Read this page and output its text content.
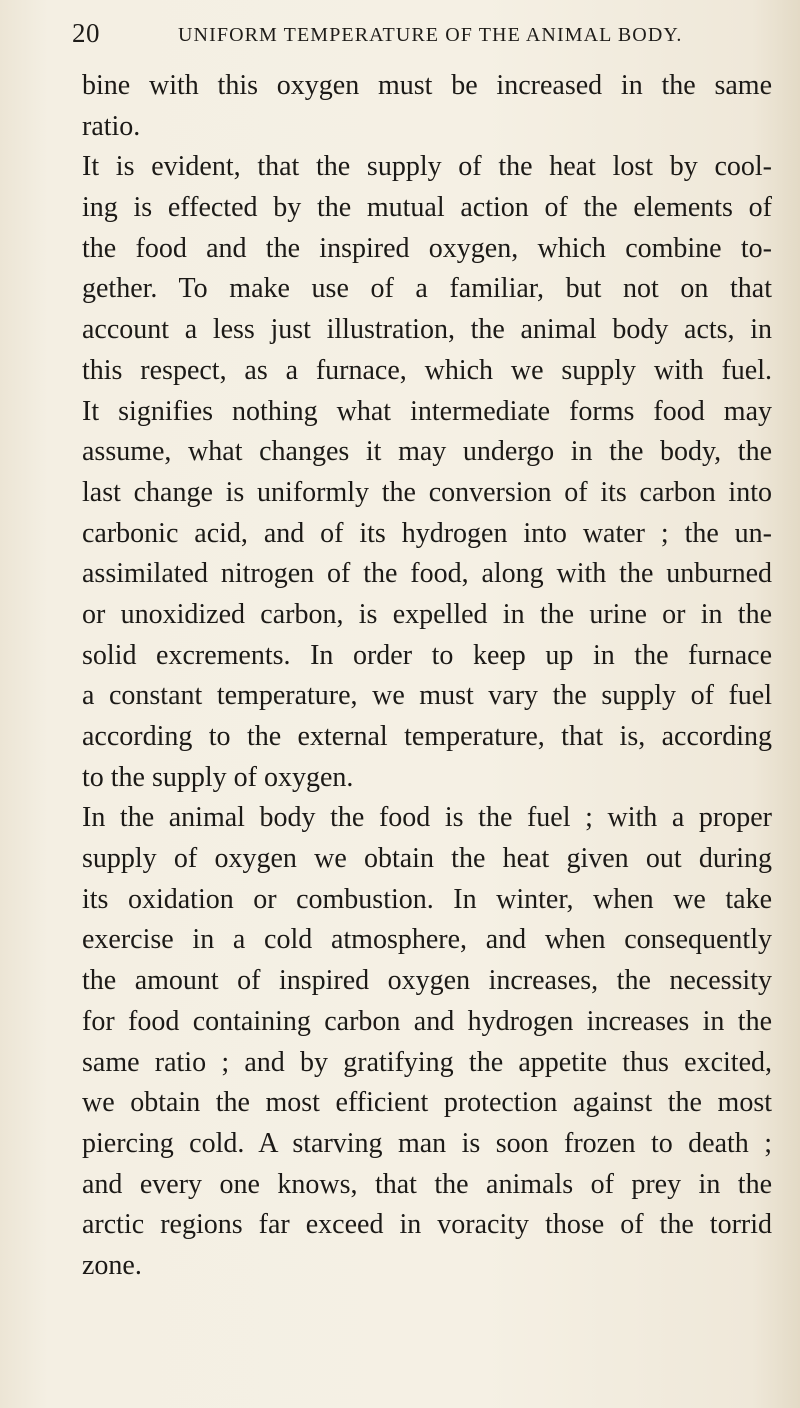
20	UNIFORM TEMPERATURE OF THE ANIMAL BODY.
bine with this oxygen must be increased in the same
ratio.
It is evident, that the supply of the heat lost by cool-
ing is effected by the mutual action of the elements of
the food and the inspired oxygen, which combine to-
gether. To make use of a familiar, but not on that
account a less just illustration, the animal body acts, in
this respect, as a furnace, which we supply with fuel.
It signifies nothing what intermediate forms food may
assume, what changes it may undergo in the body, the
last change is uniformly the conversion of its carbon into
carbonic acid, and of its hydrogen into water ; the un-
assimilated nitrogen of the food, along with the unburned
or unoxidized carbon, is expelled in the urine or in the
solid excrements. In order to keep up in the furnace
a constant temperature, we must vary the supply of fuel
according to the external temperature, that is, according
to the supply of oxygen.
In the animal body the food is the fuel ; with a proper
supply of oxygen we obtain the heat given out during
its oxidation or combustion. In winter, when we take
exercise in a cold atmosphere, and when consequently
the amount of inspired oxygen increases, the necessity
for food containing carbon and hydrogen increases in the
same ratio ; and by gratifying the appetite thus excited,
we obtain the most efficient protection against the most
piercing cold. A starving man is soon frozen to death ;
and every one knows, that the animals of prey in the
arctic regions far exceed in voracity those of the torrid
zone.
